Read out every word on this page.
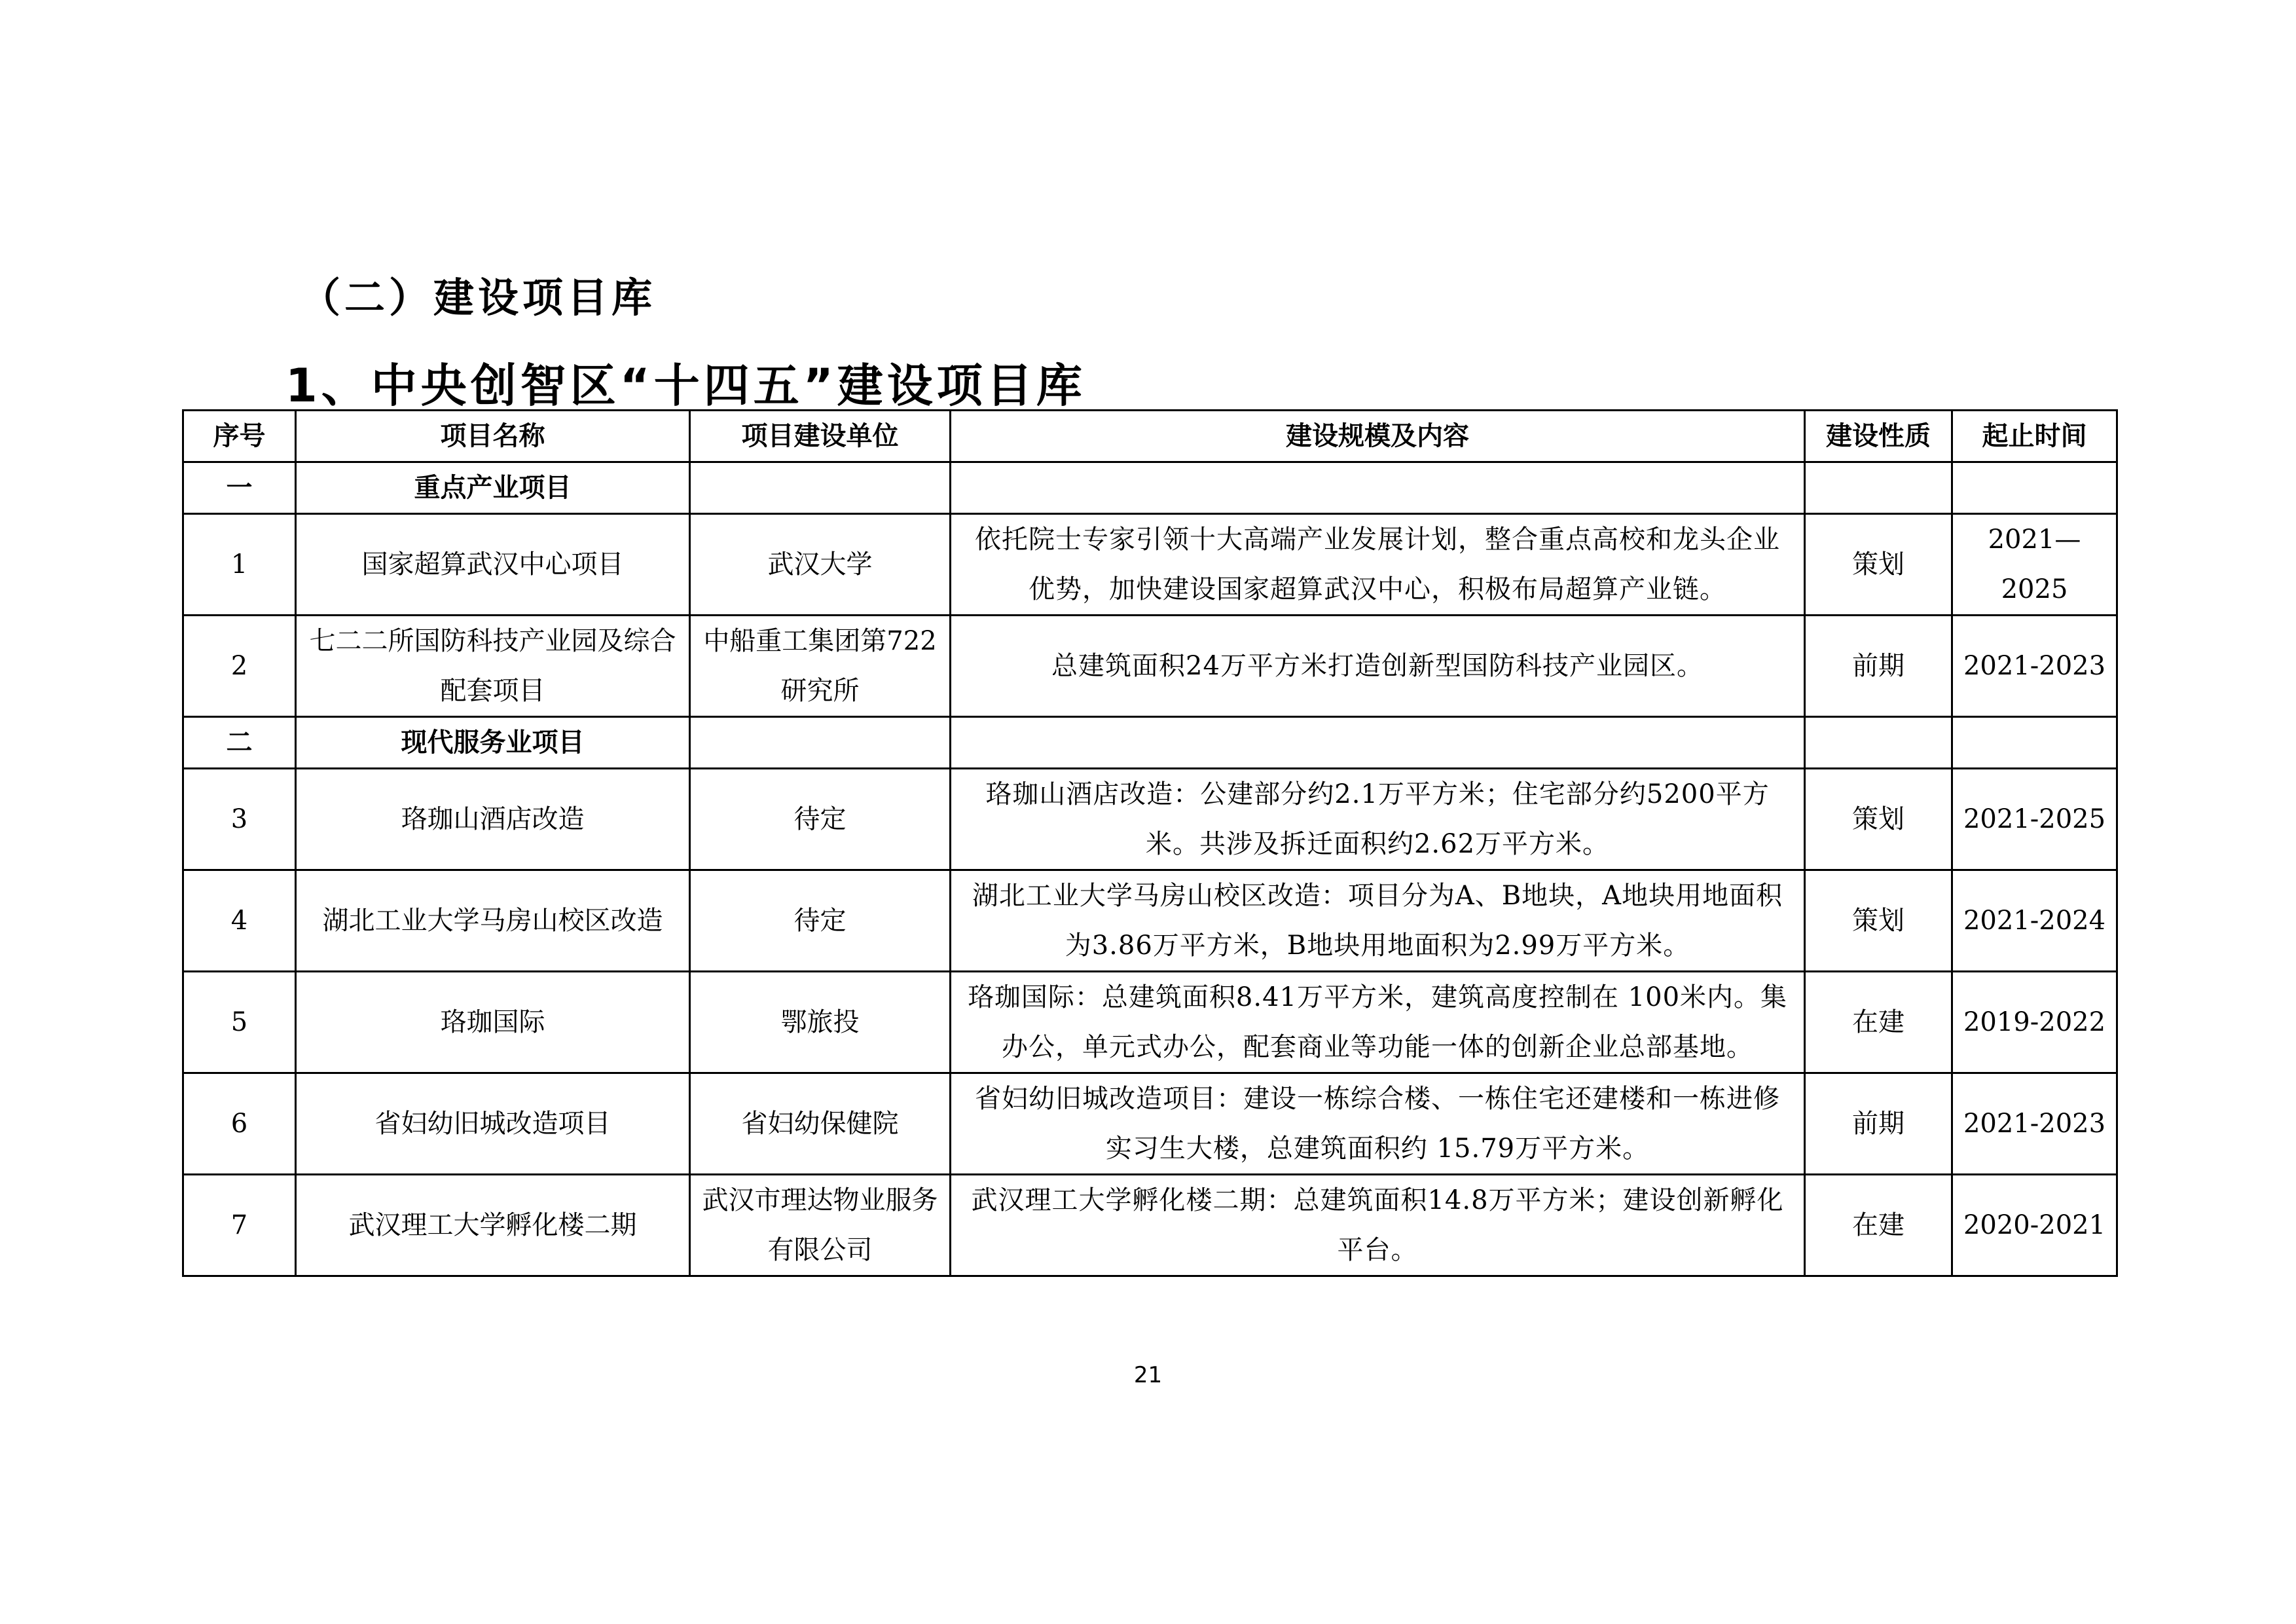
（二）建设项目库
1、中央创智区“十四五”建设项目库
序号	项目名称	项目建设单位	建设规模及内容	建设性质	起止时间
一	重点产业项目				
1	国家超算武汉中心项目	武汉大学	依托院士专家引领十大高端产业发展计划，整合重点高校和龙头企业优势，加快建设国家超算武汉中心，积极布局超算产业链。	策划	2021—2025
2	七二二所国防科技产业园及综合配套项目	中船重工集团第722研究所	总建筑面积24万平方米打造创新型国防科技产业园区。	前期	2021-2023
二	现代服务业项目				
3	珞珈山酒店改造	待定	珞珈山酒店改造：公建部分约2.1万平方米；住宅部分约5200平方米。共涉及拆迁面积约2.62万平方米。	策划	2021-2025
4	湖北工业大学马房山校区改造	待定	湖北工业大学马房山校区改造：项目分为A、B地块，A地块用地面积为3.86万平方米，B地块用地面积为2.99万平方米。	策划	2021-2024
5	珞珈国际	鄂旅投	珞珈国际：总建筑面积8.41万平方米，建筑高度控制在 100米内。集办公，单元式办公，配套商业等功能一体的创新企业总部基地。	在建	2019-2022
6	省妇幼旧城改造项目	省妇幼保健院	省妇幼旧城改造项目：建设一栋综合楼、一栋住宅还建楼和一栋进修实习生大楼，总建筑面积约 15.79万平方米。	前期	2021-2023
7	武汉理工大学孵化楼二期	武汉市理达物业服务有限公司	武汉理工大学孵化楼二期：总建筑面积14.8万平方米；建设创新孵化平台。	在建	2020-2021
21
